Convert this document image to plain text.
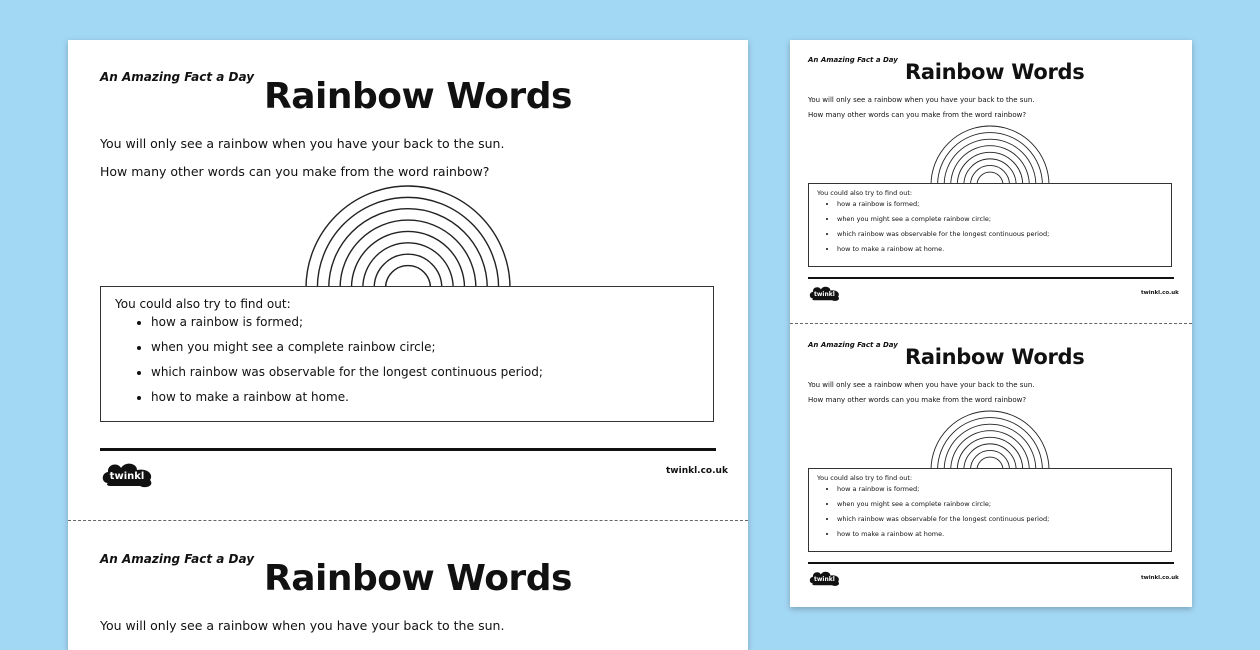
An Amazing Fact a Day Rainbow Words
You will only see a rainbow when you have your back to the sun.
How many other words can you make from the word rainbow?
You could also try to find out:
• how a rainbow is formed;
• when you might see a complete rainbow circle;
• which rainbow was observable for the longest continuous period;
• how to make a rainbow at home.
twinkl	twinkl.co.uk
An Amazing Fact a Day Rainbow Words
You will only see a rainbow when you have your back to the sun.
An Amazing Fact a Day Rainbow Words
You will only see a rainbow when you have your back to the sun.
How many other words can you make from the word rainbow?
You could also try to find out:
• how a rainbow is formed;
• when you might see a complete rainbow circle;
• which rainbow was observable for the longest continuous period;
• how to make a rainbow at home.
twinkl	twinkl.co.uk
An Amazing Fact a Day Rainbow Words
You will only see a rainbow when you have your back to the sun.
How many other words can you make from the word rainbow?
You could also try to find out:
• how a rainbow is formed;
• when you might see a complete rainbow circle;
• which rainbow was observable for the longest continuous period;
• how to make a rainbow at home.
twinkl	twinkl.co.uk
